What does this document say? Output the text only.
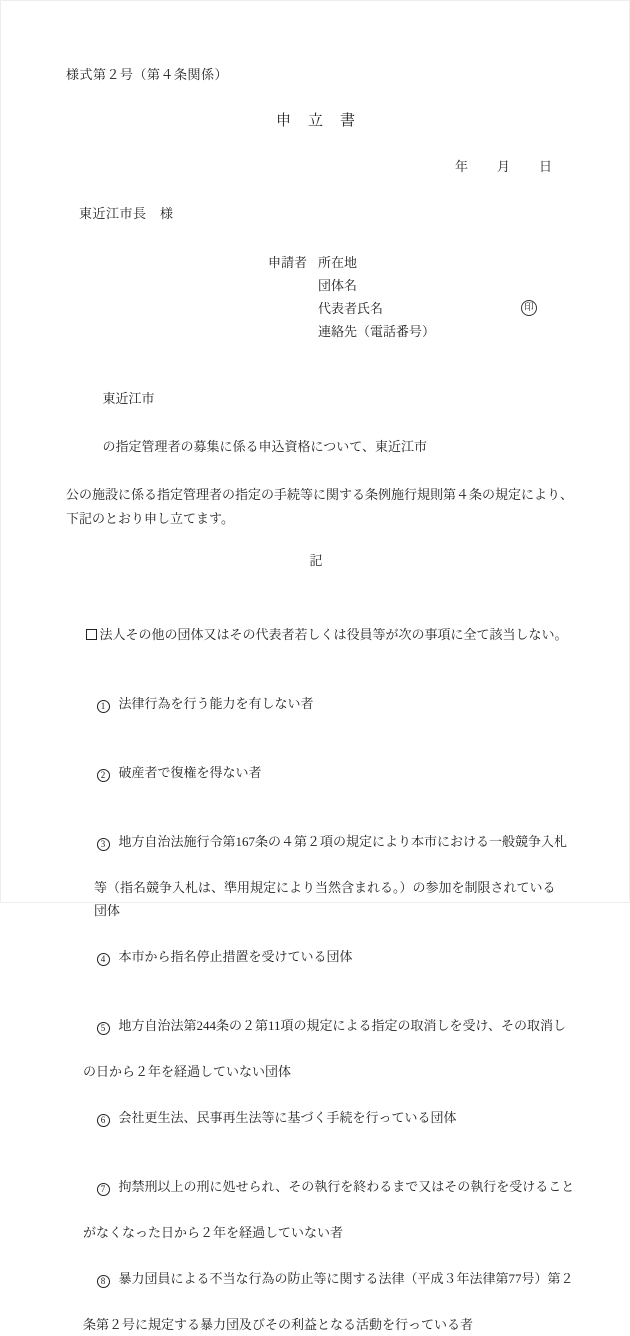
様式第２号（第４条関係）
申　立　書
年 月 日
東近江市長　様
申請者 所在地
団体名
代表者氏名	印
連絡先（電話番号）

東近江市

の指定管理者の募集に係る申込資格について、東近江市

公の施設に係る指定管理者の指定の手続等に関する条例施行規則第４条の規定により、
下記のとおり申し立てます。
記

法人その他の団体又はその代表者若しくは役員等が次の事項に全て該当しない。

1 法律行為を行う能力を有しない者

2 破産者で復権を得ない者

3 地方自治法施行令第167条の４第２項の規定により本市における一般競争入札

等（指名競争入札は、準用規定により当然含まれる。）の参加を制限されている
団体

4 本市から指名停止措置を受けている団体

5 地方自治法第244条の２第11項の規定による指定の取消しを受け、その取消し

の日から２年を経過していない団体

6 会社更生法、民事再生法等に基づく手続を行っている団体

7 拘禁刑以上の刑に処せられ、その執行を終わるまで又はその執行を受けること

がなくなった日から２年を経過していない者

8 暴力団員による不当な行為の防止等に関する法律（平成３年法律第77号）第２

条第２号に規定する暴力団及びその利益となる活動を行っている者
